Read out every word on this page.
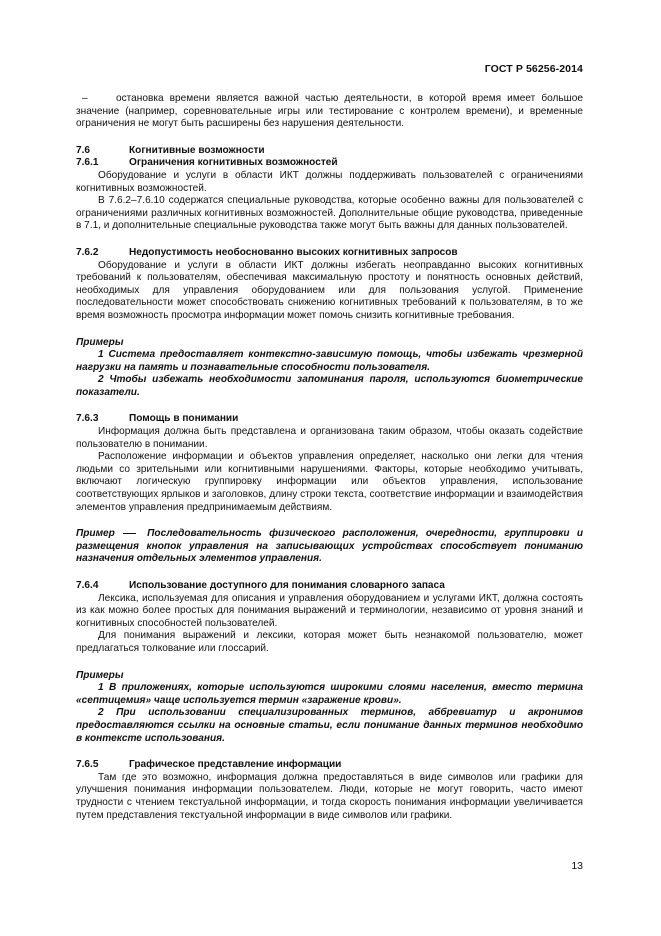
ГОСТ Р 56256-2014

–	остановка времени является важной частью деятельности, в которой время имеет большое значение (например, соревновательные игры или тестирование с контролем времени), и временные ограничения не могут быть расширены без нарушения деятельности.

7.6	Когнитивные возможности
7.6.1	Ограничения когнитивных возможностей

Оборудование и услуги в области ИКТ должны поддерживать пользователей с ограничениями когнитивных возможностей.

В 7.6.2–7.6.10 содержатся специальные руководства, которые особенно важны для пользователей с ограничениями различных когнитивных возможностей. Дополнительные общие руководства, приведенные в 7.1, и дополнительные специальные руководства также могут быть важны для данных пользователей.

7.6.2	Недопустимость необоснованно высоких когнитивных запросов

Оборудование и услуги в области ИКТ должны избегать неоправданно высоких когнитивных требований к пользователям, обеспечивая максимальную простоту и понятность основных действий, необходимых для управления оборудованием или для пользования услугой. Применение последовательности может способствовать снижению когнитивных требований к пользователям, в то же время возможность просмотра информации может помочь снизить когнитивные требования.

Примеры

1 Система предоставляет контекстно-зависимую помощь, чтобы избежать чрезмерной нагрузки на память и познавательные способности пользователя.

2 Чтобы избежать необходимости запоминания пароля, используются биометрические показатели.

7.6.3	Помощь в понимании

Информация должна быть представлена и организована таким образом, чтобы оказать содействие пользователю в понимании.

Расположение информации и объектов управления определяет, насколько они легки для чтения людьми со зрительными или когнитивными нарушениями. Факторы, которые необходимо учитывать, включают логическую группировку информации или объектов управления, использование соответствующих ярлыков и заголовков, длину строки текста, соответствие информации и взаимодействия элементов управления предпринимаемым действиям.

Пример	Последовательность физического расположения, очередности, группировки и размещения кнопок управления на записывающих устройствах способствует пониманию назначения отдельных элементов управления.

7.6.4	Использование доступного для понимания словарного запаса

Лексика, используемая для описания и управления оборудованием и услугами ИКТ, должна состоять из как можно более простых для понимания выражений и терминологии, независимо от уровня знаний и когнитивных способностей пользователей.

Для понимания выражений и лексики, которая может быть незнакомой пользователю, может предлагаться толкование или глоссарий.

Примеры

1 В приложениях, которые используются широкими слоями населения, вместо термина «септицемия» чаще используется термин «заражение крови».

2 При использовании специализированных терминов, аббревиатур и акронимов предоставляются ссылки на основные статьи, если понимание данных терминов необходимо в контексте использования.

7.6.5	Графическое представление информации

Там где это возможно, информация должна предоставляться в виде символов или графики для улучшения понимания информации пользователем. Люди, которые не могут говорить, часто имеют трудности с чтением текстуальной информации, и тогда скорость понимания информации увеличивается путем представления текстуальной информации в виде символов или графики.

13
